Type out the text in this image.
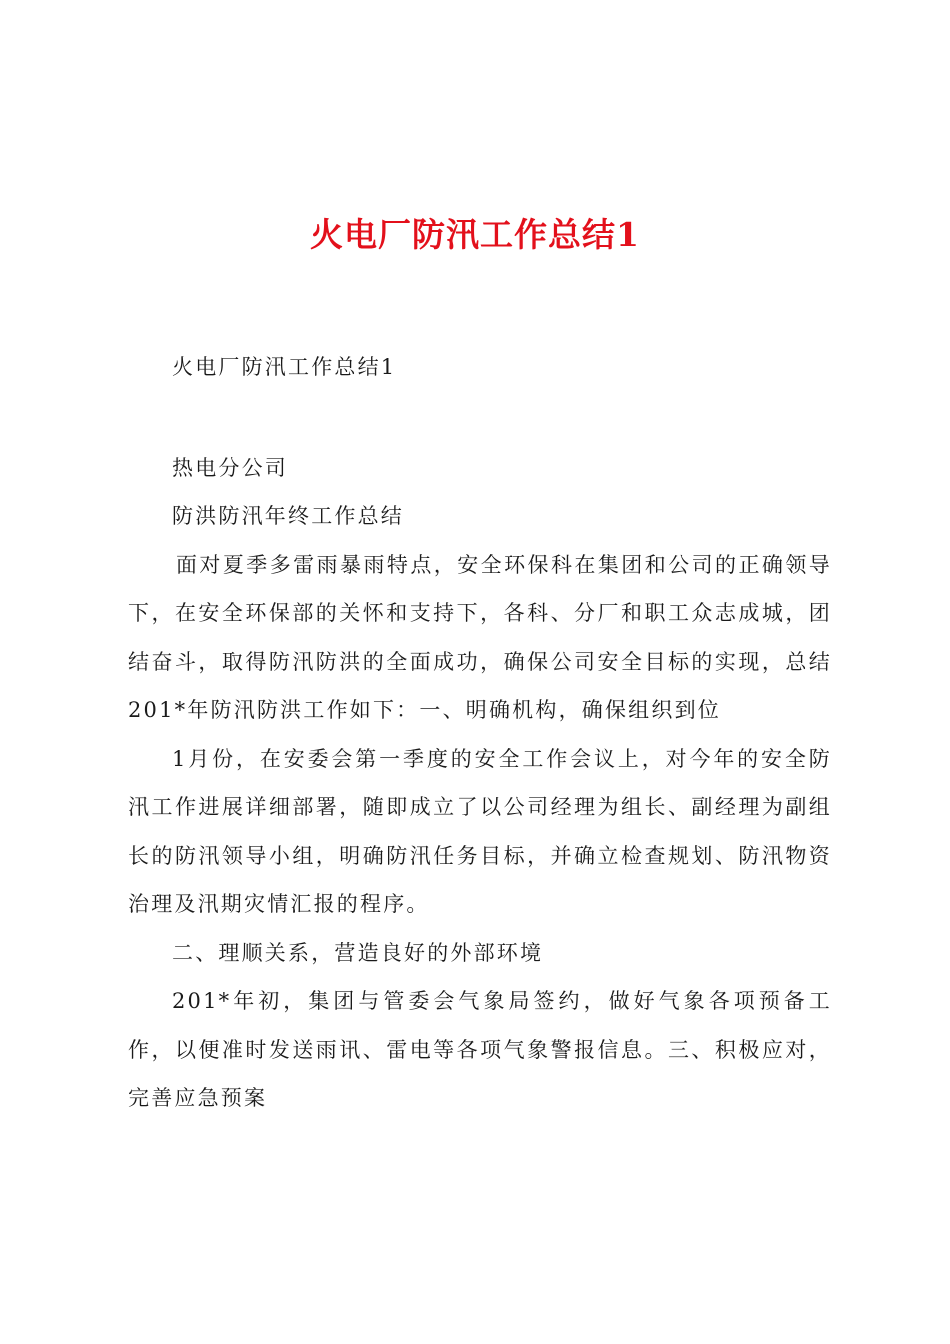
火电厂防汛工作总结1

火电厂防汛工作总结1

热电分公司

防洪防汛年终工作总结

面对夏季多雷雨暴雨特点，安全环保科在集团和公司的正确领导下，在安全环保部的关怀和支持下，各科、分厂和职工众志成城，团结奋斗，取得防汛防洪的全面成功，确保公司安全目标的实现，总结201*年防汛防洪工作如下：一、明确机构，确保组织到位

1月份，在安委会第一季度的安全工作会议上，对今年的安全防汛工作进展详细部署，随即成立了以公司经理为组长、副经理为副组长的防汛领导小组，明确防汛任务目标，并确立检查规划、防汛物资治理及汛期灾情汇报的程序。

二、理顺关系，营造良好的外部环境

201*年初，集团与管委会气象局签约，做好气象各项预备工作，以便准时发送雨讯、雷电等各项气象警报信息。三、积极应对，完善应急预案
